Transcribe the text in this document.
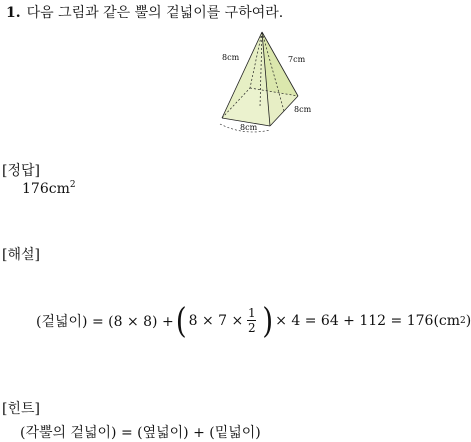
1. 다음 그림과 같은 뿔의 겉넓이를 구하여라.
8cm	7cm
8cm
8cm
[정답]
$176cm^2$
[해설]
(겉넓이) = (8 × 8) + ( $8 \times 7 \times \frac{1}{2}$ ) × 4 = 64 + 112 = 176(cm 2 )
[힌트]
(각뿔의 겉넓이) = (옆넓이) + (밑넓이)
